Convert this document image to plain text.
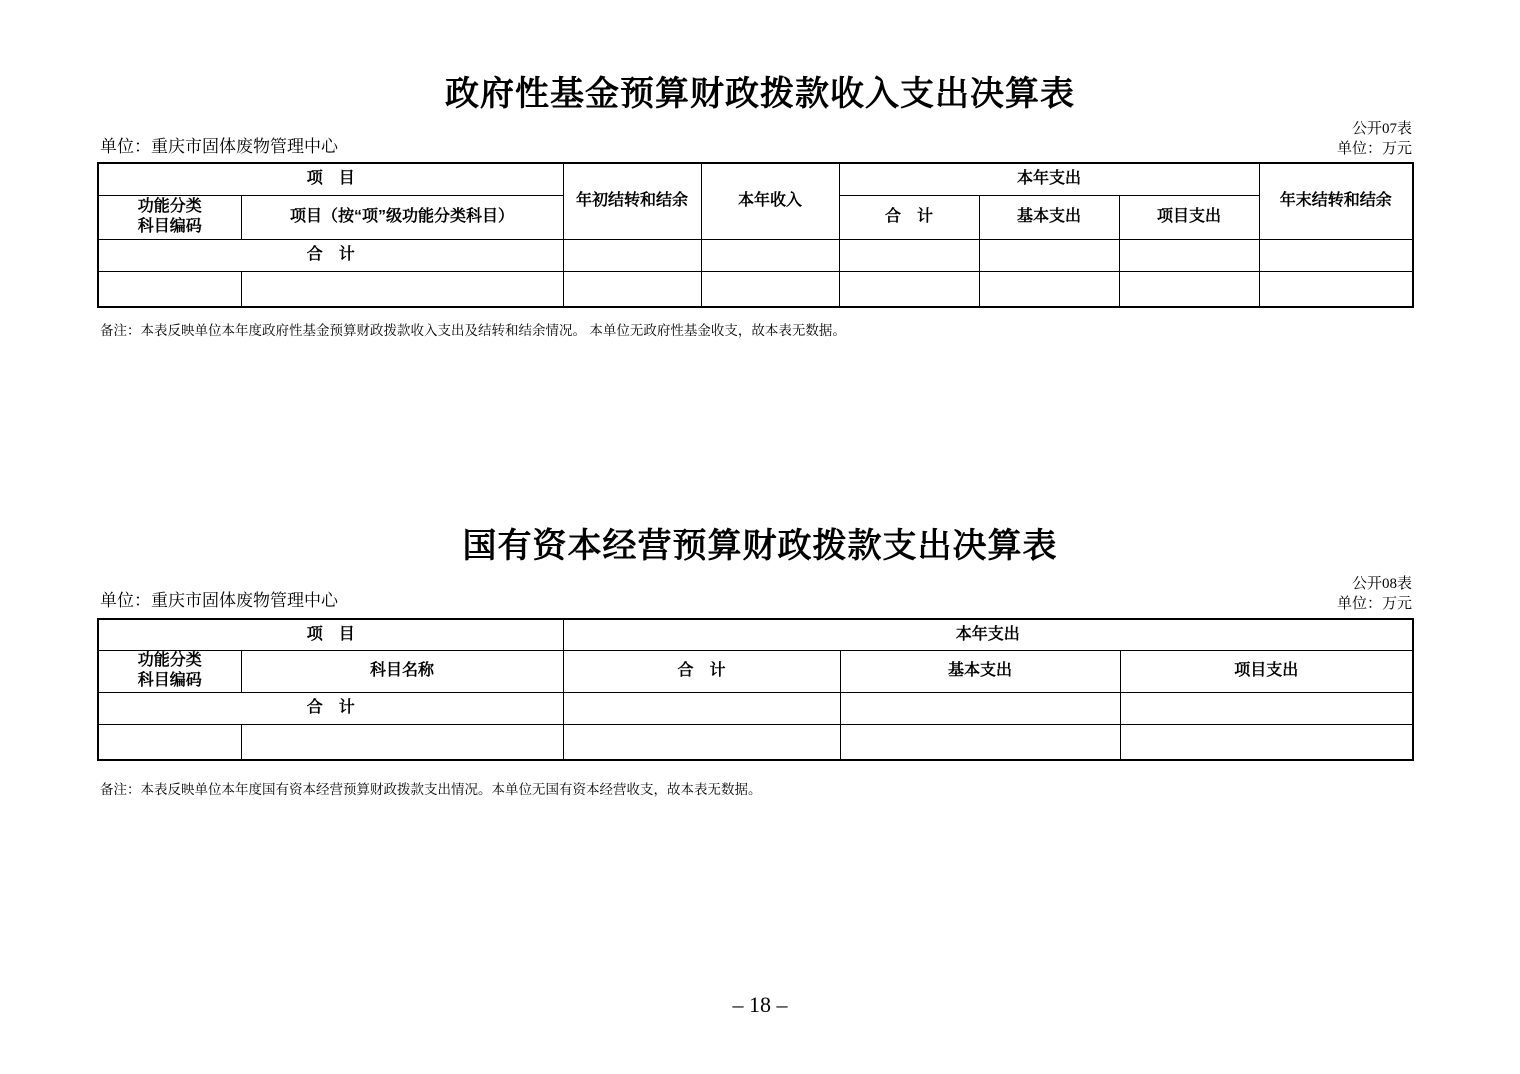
政府性基金预算财政拨款收入支出决算表
单位：重庆市固体废物管理中心
公开07表
单位：万元
项　目		年初结转和结余	本年收入	本年支出			年末结转和结余

功能分类
科目编码	项目（按“项”级功能分类科目）			合　计	基本支出	项目支出	
合　计							

备注：本表反映单位本年度政府性基金预算财政拨款收入支出及结转和结余情况。 本单位无政府性基金收支，故本表无数据。
国有资本经营预算财政拨款支出决算表
单位：重庆市固体废物管理中心
公开08表
单位：万元
项　目		本年支出		

功能分类
科目编码	科目名称	合　计	基本支出	项目支出
合　计				

备注：本表反映单位本年度国有资本经营预算财政拨款支出情况。本单位无国有资本经营收支，故本表无数据。
– 18 –
